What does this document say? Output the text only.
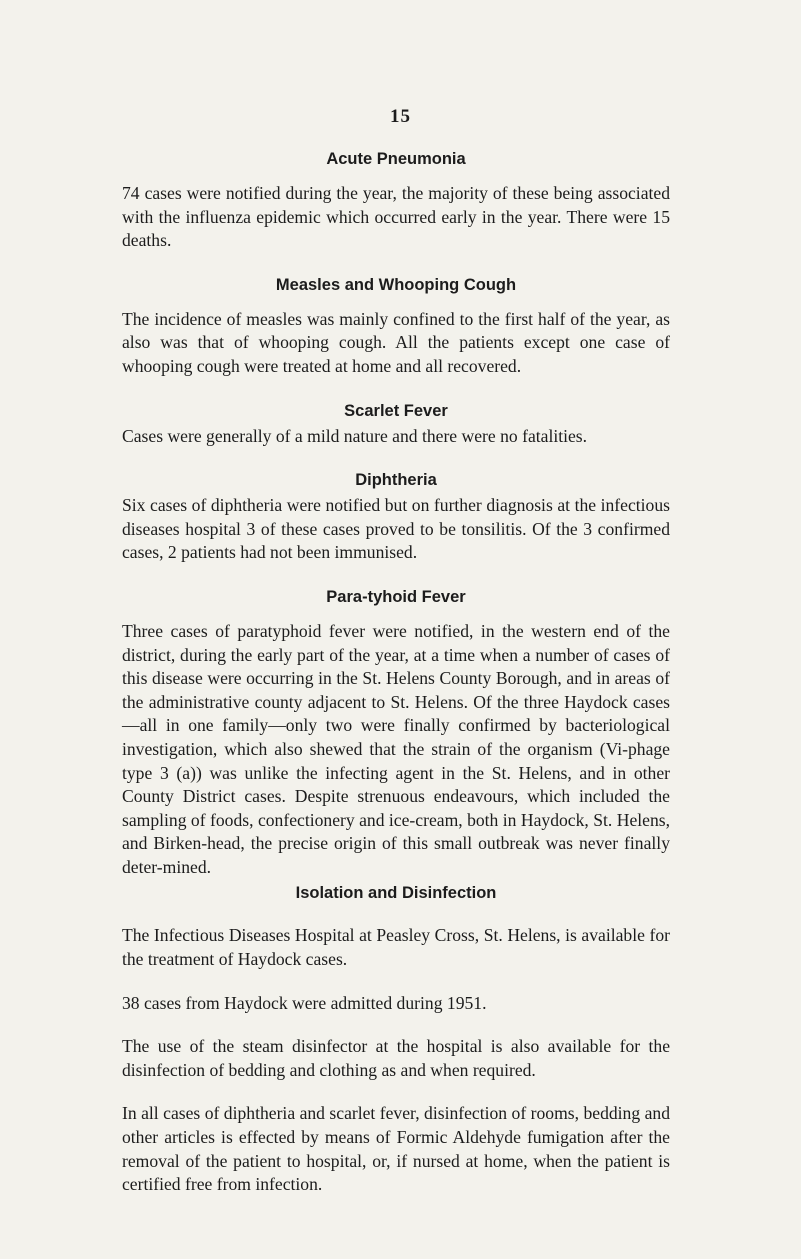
15
Acute Pneumonia

74 cases were notified during the year, the majority of these being associated with the influenza epidemic which occurred early in the year. There were 15 deaths.

Measles and Whooping Cough

The incidence of measles was mainly confined to the first half of the year, as also was that of whooping cough. All the patients except one case of whooping cough were treated at home and all recovered.

Scarlet Fever

Cases were generally of a mild nature and there were no fatalities.

Diphtheria

Six cases of diphtheria were notified but on further diagnosis at the infectious diseases hospital 3 of these cases proved to be tonsilitis. Of the 3 confirmed cases, 2 patients had not been immunised.

Para-tyhoid Fever

Three cases of paratyphoid fever were notified, in the western end of the district, during the early part of the year, at a time when a number of cases of this disease were occurring in the St. Helens County Borough, and in areas of the administrative county adjacent to St. Helens. Of the three Haydock cases—all in one family—only two were finally confirmed by bacteriological investigation, which also shewed that the strain of the organism (Vi-phage type 3 (a)) was unlike the infecting agent in the St. Helens, and in other County District cases. Despite strenuous endeavours, which included the sampling of foods, confectionery and ice-cream, both in Haydock, St. Helens, and Birken-head, the precise origin of this small outbreak was never finally deter-mined.

Isolation and Disinfection

The Infectious Diseases Hospital at Peasley Cross, St. Helens, is available for the treatment of Haydock cases.

38 cases from Haydock were admitted during 1951.

The use of the steam disinfector at the hospital is also available for the disinfection of bedding and clothing as and when required.

In all cases of diphtheria and scarlet fever, disinfection of rooms, bedding and other articles is effected by means of Formic Aldehyde fumigation after the removal of the patient to hospital, or, if nursed at home, when the patient is certified free from infection.
